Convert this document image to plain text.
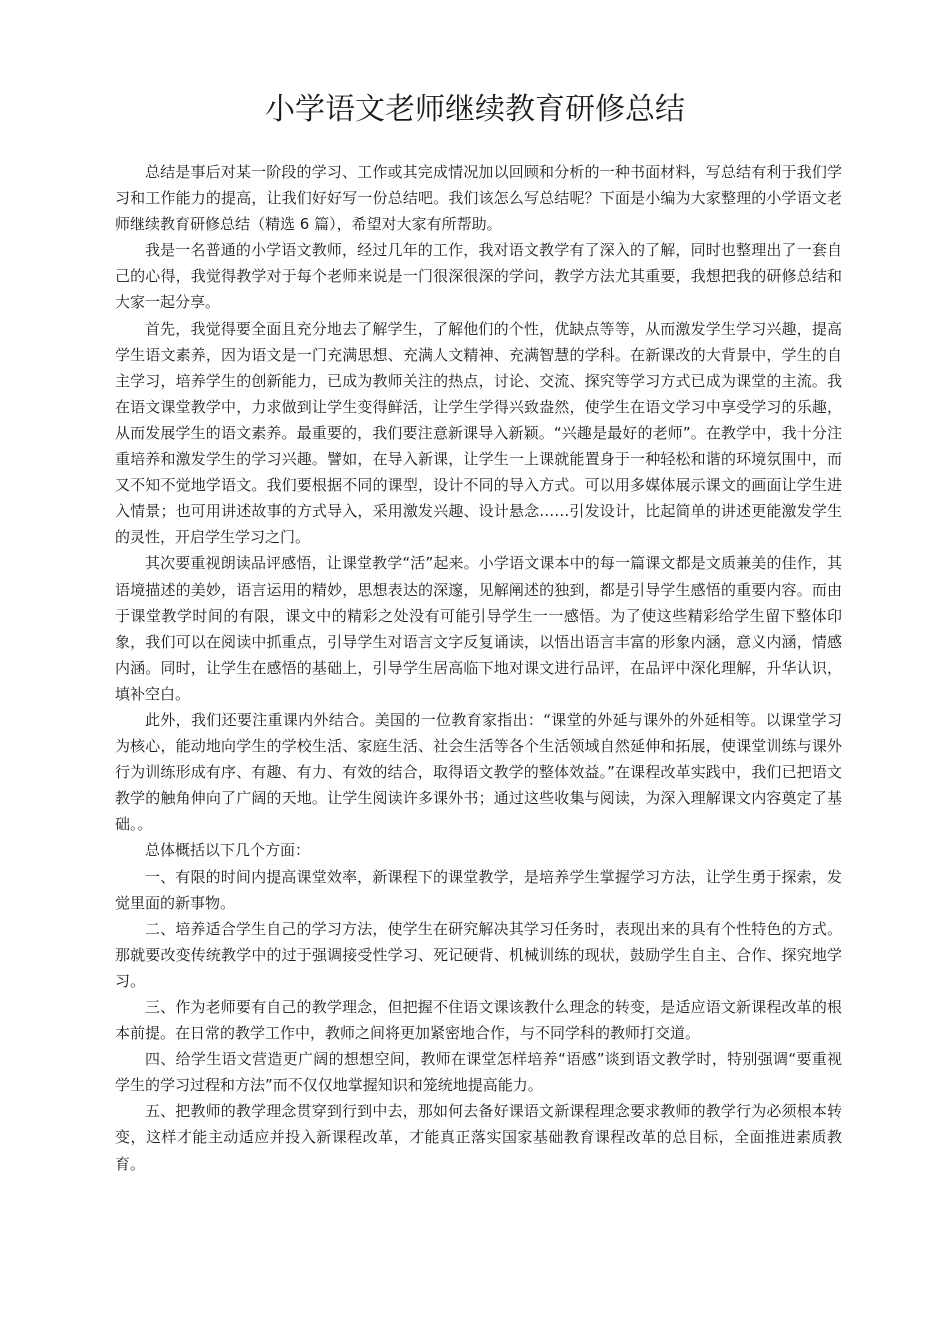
小学语文老师继续教育研修总结

总结是事后对某一阶段的学习、工作或其完成情况加以回顾和分析的一种书面材料，写总结有利于我们学习和工作能力的提高，让我们好好写一份总结吧。我们该怎么写总结呢？下面是小编为大家整理的小学语文老师继续教育研修总结（精选 6 篇），希望对大家有所帮助。

我是一名普通的小学语文教师，经过几年的工作，我对语文教学有了深入的了解，同时也整理出了一套自己的心得，我觉得教学对于每个老师来说是一门很深很深的学问，教学方法尤其重要，我想把我的研修总结和大家一起分享。

首先，我觉得要全面且充分地去了解学生，了解他们的个性，优缺点等等，从而激发学生学习兴趣，提高学生语文素养，因为语文是一门充满思想、充满人文精神、充满智慧的学科。在新课改的大背景中，学生的自主学习，培养学生的创新能力，已成为教师关注的热点，讨论、交流、探究等学习方式已成为课堂的主流。我在语文课堂教学中，力求做到让学生变得鲜活，让学生学得兴致盎然，使学生在语文学习中享受学习的乐趣，从而发展学生的语文素养。最重要的，我们要注意新课导入新颖。“兴趣是最好的老师”。在教学中，我十分注重培养和激发学生的学习兴趣。譬如，在导入新课，让学生一上课就能置身于一种轻松和谐的环境氛围中，而又不知不觉地学语文。我们要根据不同的课型，设计不同的导入方式。可以用多媒体展示课文的画面让学生进入情景；也可用讲述故事的方式导入，采用激发兴趣、设计悬念……引发设计，比起简单的讲述更能激发学生的灵性，开启学生学习之门。

其次要重视朗读品评感悟，让课堂教学“活”起来。小学语文课本中的每一篇课文都是文质兼美的佳作，其语境描述的美妙，语言运用的精妙，思想表达的深邃，见解阐述的独到，都是引导学生感悟的重要内容。而由于课堂教学时间的有限，课文中的精彩之处没有可能引导学生一一感悟。为了使这些精彩给学生留下整体印象，我们可以在阅读中抓重点，引导学生对语言文字反复诵读，以悟出语言丰富的形象内涵，意义内涵，情感内涵。同时，让学生在感悟的基础上，引导学生居高临下地对课文进行品评，在品评中深化理解，升华认识，填补空白。

此外，我们还要注重课内外结合。美国的一位教育家指出：“课堂的外延与课外的外延相等。以课堂学习为核心，能动地向学生的学校生活、家庭生活、社会生活等各个生活领域自然延伸和拓展，使课堂训练与课外行为训练形成有序、有趣、有力、有效的结合，取得语文教学的整体效益。”在课程改革实践中，我们已把语文教学的触角伸向了广阔的天地。让学生阅读许多课外书；通过这些收集与阅读，为深入理解课文内容奠定了基础。。

总体概括以下几个方面：

一、有限的时间内提高课堂效率，新课程下的课堂教学，是培养学生掌握学习方法，让学生勇于探索，发觉里面的新事物。

二、培养适合学生自己的学习方法，使学生在研究解决其学习任务时，表现出来的具有个性特色的方式。那就要改变传统教学中的过于强调接受性学习、死记硬背、机械训练的现状，鼓励学生自主、合作、探究地学习。

三、作为老师要有自己的教学理念，但把握不住语文课该教什么理念的转变，是适应语文新课程改革的根本前提。在日常的教学工作中，教师之间将更加紧密地合作，与不同学科的教师打交道。

四、给学生语文营造更广阔的想想空间，教师在课堂怎样培养“语感”谈到语文教学时，特别强调“要重视学生的学习过程和方法”而不仅仅地掌握知识和笼统地提高能力。

五、把教师的教学理念贯穿到行到中去，那如何去备好课语文新课程理念要求教师的教学行为必须根本转变，这样才能主动适应并投入新课程改革，才能真正落实国家基础教育课程改革的总目标，全面推进素质教育。
